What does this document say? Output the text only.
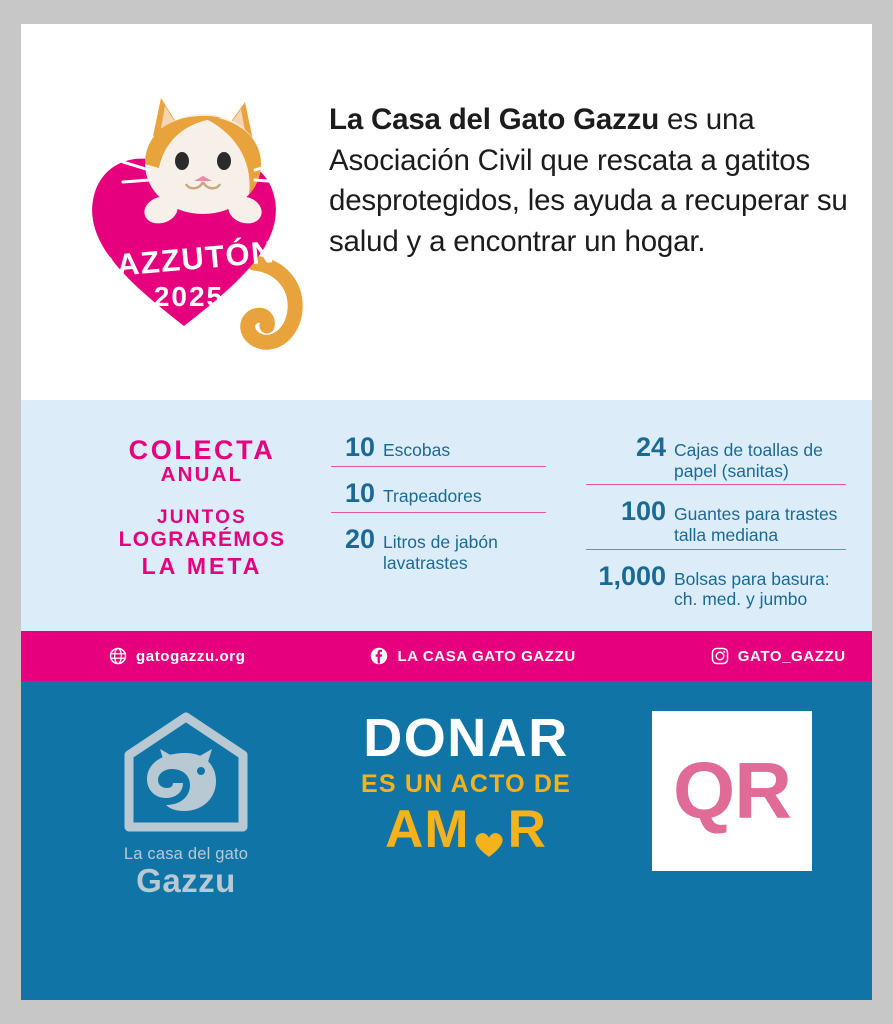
GAZZUTÓN
2025
La Casa del Gato Gazzu es una Asociación Civil que rescata a gatitos desprotegidos, les ayuda a recuperar su salud y a encontrar un hogar.
COLECTA
ANUAL
JUNTOS
LOGRARÉMOS
LA META
10 Escobas
10 Trapeadores
20 Litros de jabón lavatrastes
24 Cajas de toallas de papel (sanitas)
100 Guantes para trastes talla mediana
1,000 Bolsas para basura: ch. med. y jumbo
gatogazzu.org	LA CASA GATO GAZZU	GATO_GAZZU
La casa del gato
Gazzu
DONAR
ES UN ACTO DE
AM R QR
